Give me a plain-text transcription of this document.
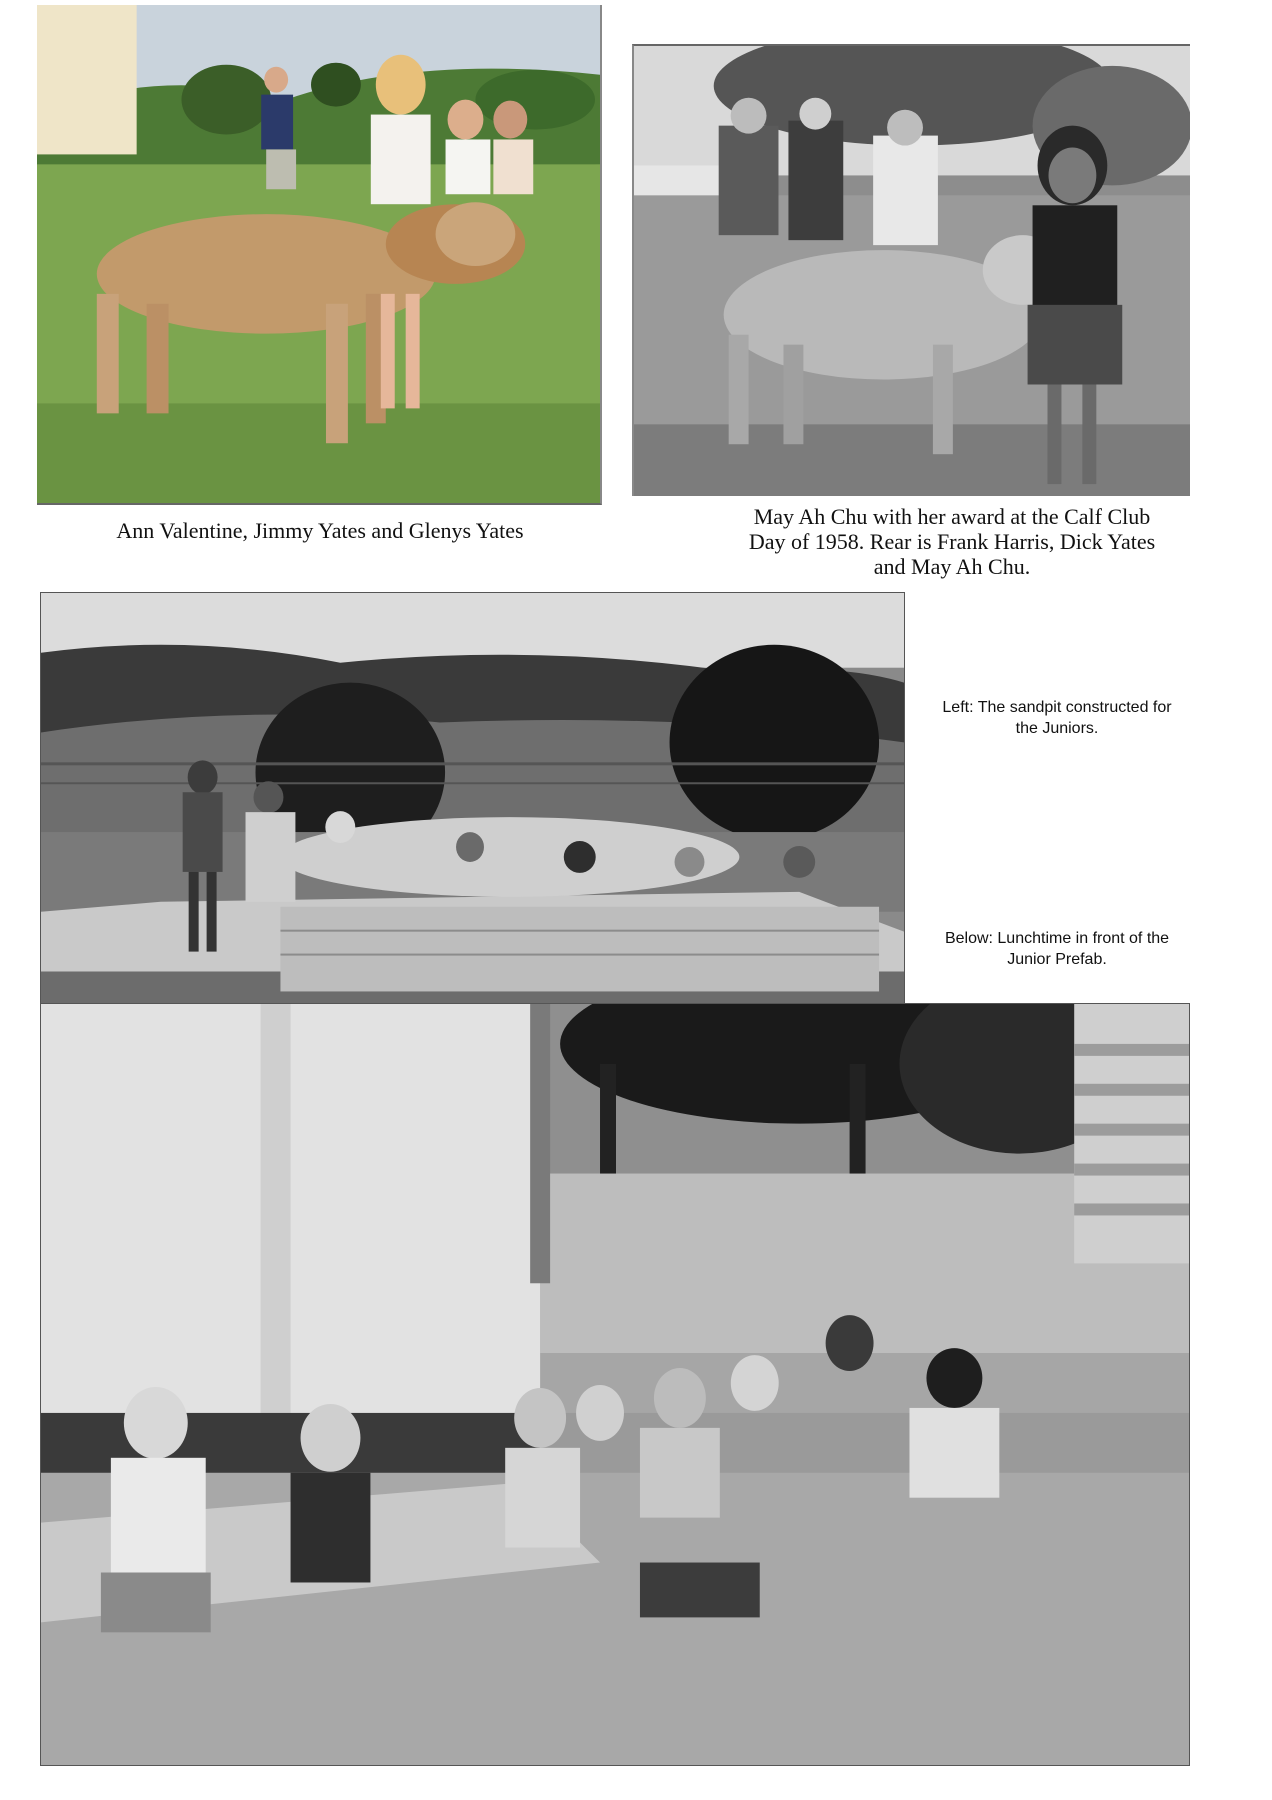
Ann Valentine, Jimmy Yates and Glenys Yates
May Ah Chu with her award at the Calf Club
Day of 1958. Rear is Frank Harris, Dick Yates
and May Ah Chu.
Left: The sandpit constructed for
the Juniors.
Below: Lunchtime in front of the
Junior Prefab.
